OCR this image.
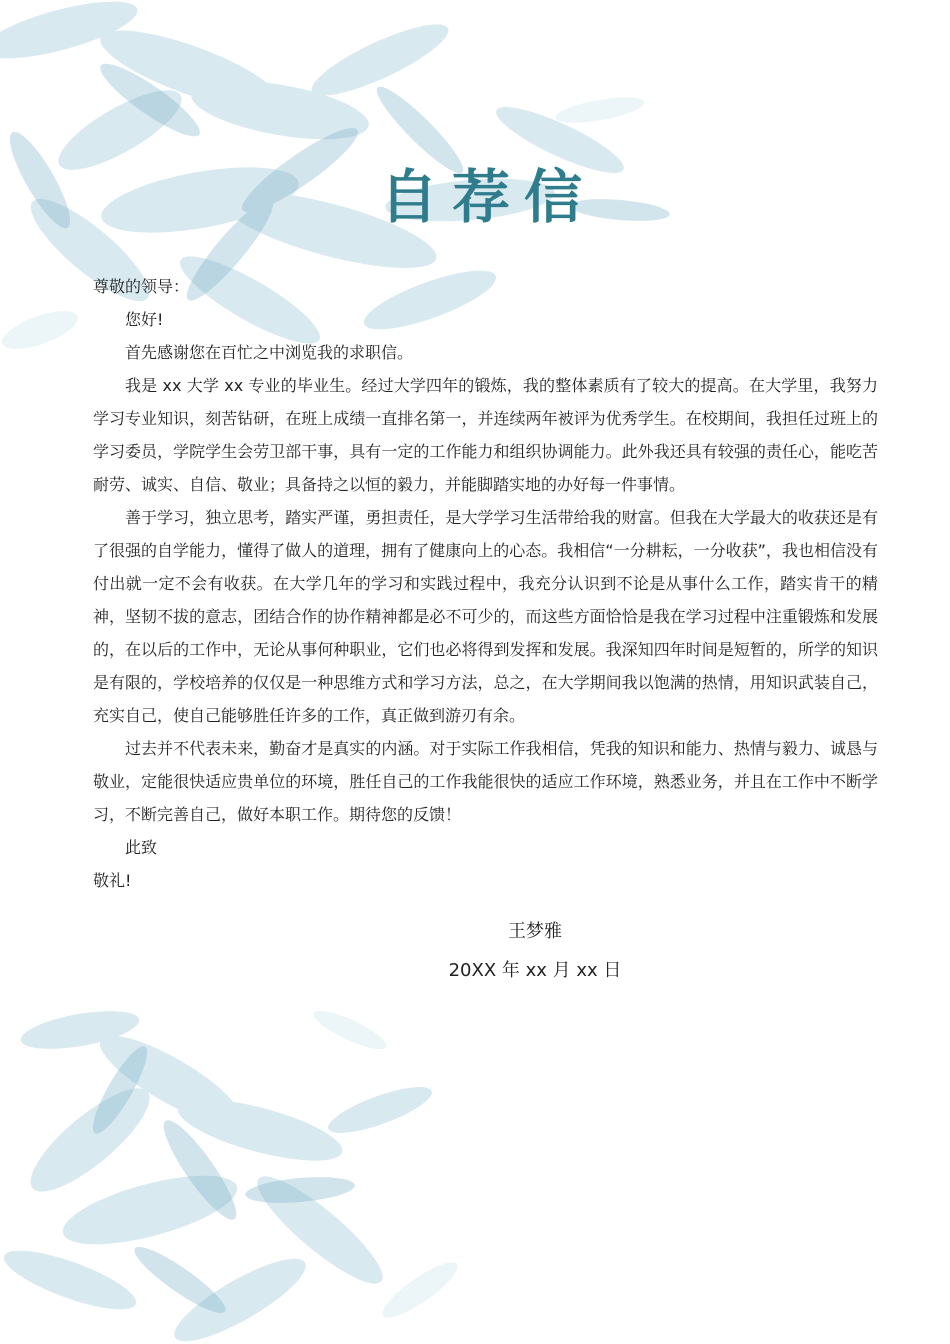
自荐信

尊敬的领导：

您好!

首先感谢您在百忙之中浏览我的求职信。

我是 xx 大学 xx 专业的毕业生。经过大学四年的锻炼，我的整体素质有了较大的提高。在大学里，我努力学习专业知识，刻苦钻研，在班上成绩一直排名第一，并连续两年被评为优秀学生。在校期间，我担任过班上的学习委员，学院学生会劳卫部干事，具有一定的工作能力和组织协调能力。此外我还具有较强的责任心，能吃苦耐劳、诚实、自信、敬业；具备持之以恒的毅力，并能脚踏实地的办好每一件事情。

善于学习，独立思考，踏实严谨，勇担责任，是大学学习生活带给我的财富。但我在大学最大的收获还是有了很强的自学能力，懂得了做人的道理，拥有了健康向上的心态。我相信“一分耕耘，一分收获”，我也相信没有付出就一定不会有收获。在大学几年的学习和实践过程中，我充分认识到不论是从事什么工作，踏实肯干的精神，坚韧不拔的意志，团结合作的协作精神都是必不可少的，而这些方面恰恰是我在学习过程中注重锻炼和发展的，在以后的工作中，无论从事何种职业，它们也必将得到发挥和发展。我深知四年时间是短暂的，所学的知识是有限的，学校培养的仅仅是一种思维方式和学习方法，总之，在大学期间我以饱满的热情，用知识武装自己，充实自己，使自己能够胜任许多的工作，真正做到游刃有余。

过去并不代表未来，勤奋才是真实的内涵。对于实际工作我相信，凭我的知识和能力、热情与毅力、诚恳与敬业，定能很快适应贵单位的环境，胜任自己的工作我能很快的适应工作环境，熟悉业务，并且在工作中不断学习，不断完善自己，做好本职工作。期待您的反馈！

此致

敬礼!

王梦雅
20XX 年 xx 月 xx 日
